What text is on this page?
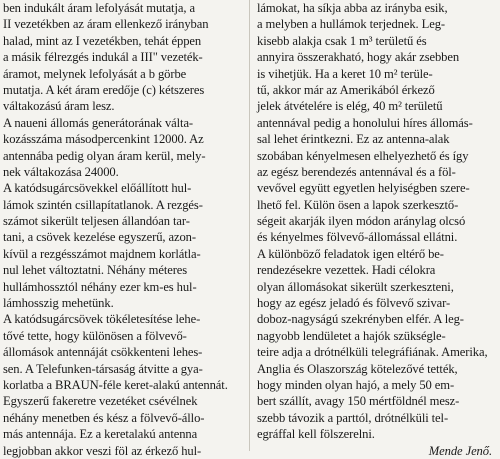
ben indukált áram lefolyását mutatja, a
II vezetékben az áram ellenkező irányban
halad, mint az I vezetékben, tehát éppen
a másik félrezgés indukál a III" vezeték-
áramot, melynek lefolyását a b görbe
mutatja. A két áram eredője (c) kétszeres
váltakozású áram lesz.
A naueni állomás generátorának válta-
kozásszáma másodpercenkint 12000. Az
antennába pedig olyan áram kerül, mely-
nek váltakozása 24000.
A katódsugárcsövekkel előállított hul-
lámok szintén csillapítatlanok. A rezgés-
számot sikerült teljesen állandóan tar-
tani, a csövek kezelése egyszerű, azon-
kívül a rezgésszámot majdnem korlátla-
nul lehet változtatni. Néhány méteres
hullámhossztól néhány ezer km-es hul-
lámhosszig mehetünk.
A katódsugárcsövek tökéletesítése lehe-
tővé tette, hogy különösen a fölvevő-
állomások antennáját csökkenteni lehes-
sen. A Telefunken-társaság átvitte a gya-
korlatba a BRAUN-féle keret-alakú antennát.
Egyszerű fakeretre vezetéket csévélnek
néhány menetben és kész a fölvevő-állo-
más antennája. Ez a keretalakú antenna
legjobban akkor veszi föl az érkező hul-
lámokat, ha síkja abba az irányba esik,
a melyben a hullámok terjednek. Leg-
kisebb alakja csak 1 m³ területű és
annyira összerakható, hogy akár zsebben
is vihetjük. Ha a keret 10 m² terüle-
tű, akkor már az Amerikából érkező
jelek átvételére is elég, 40 m² területű
antennával pedig a honolului híres állomás-
sal lehet érintkezni. Ez az antenna-alak
szobában kényelmesen elhelyezhető és így
az egész berendezés antennával és a föl-
vevővel együtt egyetlen helyiségben szere-
lhető fel. Külön ösen a lapok szerkesztő-
ségeit akarják ilyen módon aránylag olcsó
és kényelmes fölvevő-állomással ellátni.
A különböző feladatok igen eltérő be-
rendezésekre vezettek. Hadi célokra
olyan állomásokat sikerült szerkeszteni,
hogy az egész jeladó és fölvevő szivar-
doboz-nagyságú szekrényben elfér. A leg-
nagyobb lendületet a hajók szükségle-
teire adja a drótnélküli telegráfiának. Amerika,
Anglia és Olaszország kötelezővé tették,
hogy minden olyan hajó, a mely 50 em-
bert szállít, avagy 150 mértföldnél mesz-
szebb távozik a parttól, drótnélküli tel-
egráffal kell fölszerelni.
Mende Jenő.
